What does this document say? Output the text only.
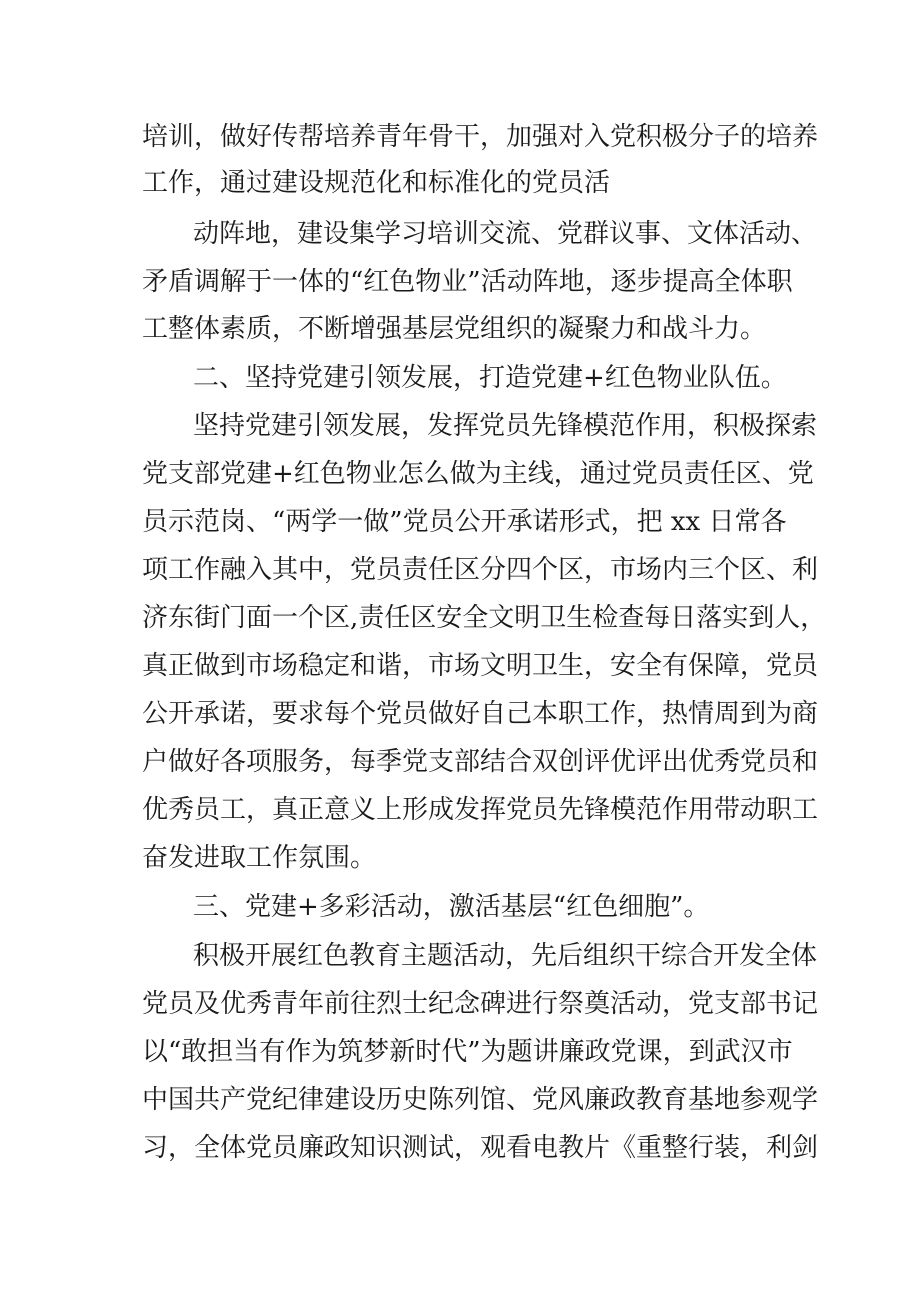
培训，做好传帮培养青年骨干，加强对入党积极分子的培养
工作，通过建设规范化和标准化的党员活
动阵地，建设集学习培训交流、党群议事、文体活动、
矛盾调解于一体的“红色物业”活动阵地，逐步提高全体职
工整体素质，不断增强基层党组织的凝聚力和战斗力。
二、坚持党建引领发展，打造党建+红色物业队伍。
坚持党建引领发展，发挥党员先锋模范作用，积极探索
党支部党建+红色物业怎么做为主线，通过党员责任区、党
员示范岗、“两学一做”党员公开承诺形式，把 xx 日常各
项工作融入其中，党员责任区分四个区，市场内三个区、利
济东街门面一个区,责任区安全文明卫生检查每日落实到人，
真正做到市场稳定和谐，市场文明卫生，安全有保障，党员
公开承诺，要求每个党员做好自己本职工作，热情周到为商
户做好各项服务，每季党支部结合双创评优评出优秀党员和
优秀员工，真正意义上形成发挥党员先锋模范作用带动职工
奋发进取工作氛围。
三、党建+多彩活动，激活基层“红色细胞”。
积极开展红色教育主题活动，先后组织干综合开发全体
党员及优秀青年前往烈士纪念碑进行祭奠活动，党支部书记
以“敢担当有作为筑梦新时代”为题讲廉政党课，到武汉市
中国共产党纪律建设历史陈列馆、党风廉政教育基地参观学
习，全体党员廉政知识测试，观看电教片《重整行装，利剑
